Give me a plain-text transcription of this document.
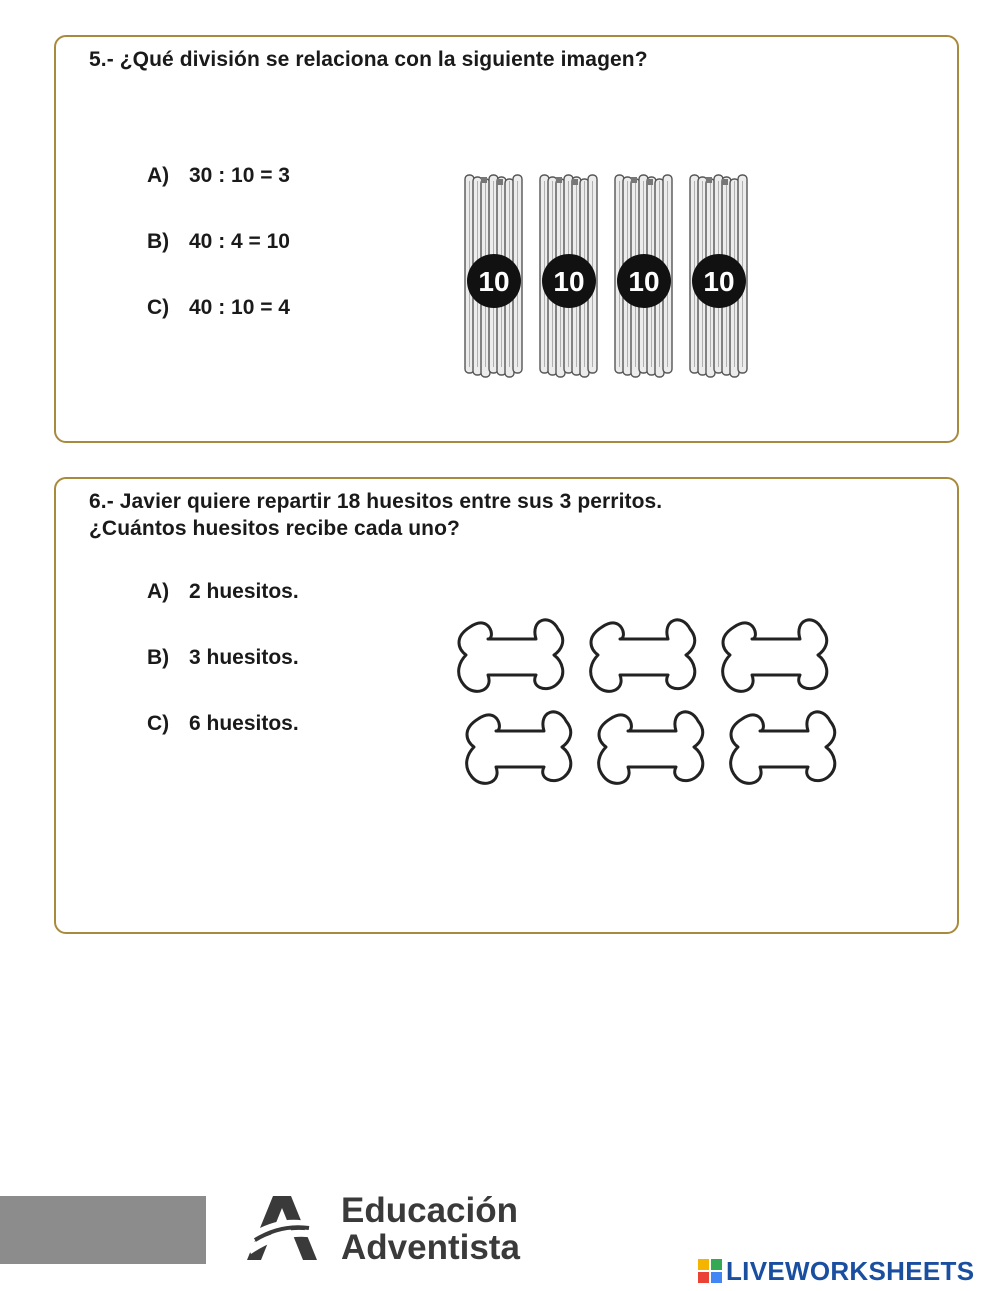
5.- ¿Qué división se relaciona con la siguiente imagen?
A) 30 : 10 = 3
B) 40 : 4 = 10
C) 40 : 10 = 4
10 10 10 10
6.- Javier quiere repartir 18 huesitos entre sus 3 perritos.
¿Cuántos huesitos recibe cada uno?
A) 2 huesitos.
B) 3 huesitos.
C) 6 huesitos.
Educación
Adventista
LIVEWORKSHEETS
